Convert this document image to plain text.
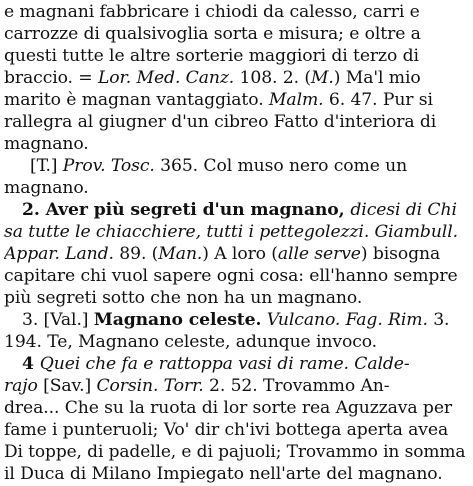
e magnani fabbricare i chiodi da calesso, carri e
carrozze di qualsivoglia sorta e misura; e oltre a
questi tutte le altre sorterie maggiori di terzo di
braccio. = Lor. Med. Canz. 108. 2. (M.) Ma'l mio
marito è magnan vantaggiato. Malm. 6. 47. Pur si
rallegra al giugner d'un cibreo Fatto d'interiora di
magnano.
[T.] Prov. Tosc. 365. Col muso nero come un
magnano.
2. Aver più segreti d'un magnano, dicesi di Chi
sa tutte le chiacchiere, tutti i pettegolezzi. Giambull.
Appar. Land. 89. (Man.) A loro (alle serve) bisogna
capitare chi vuol sapere ogni cosa: ell'hanno sempre
più segreti sotto che non ha un magnano.
3. [Val.] Magnano celeste. Vulcano. Fag. Rim. 3.
194. Te, Magnano celeste, adunque invoco.
4 Quei che fa e rattoppa vasi di rame. Calde-
rajo [Sav.] Corsin. Torr. 2. 52. Trovammo An-
drea... Che su la ruota di lor sorte rea Aguzzava per
fame i punteruoli; Vo' dir ch'ivi bottega aperta avea
Di toppe, di padelle, e di pajuoli; Trovammo in somma
il Duca di Milano Impiegato nell'arte del magnano.
